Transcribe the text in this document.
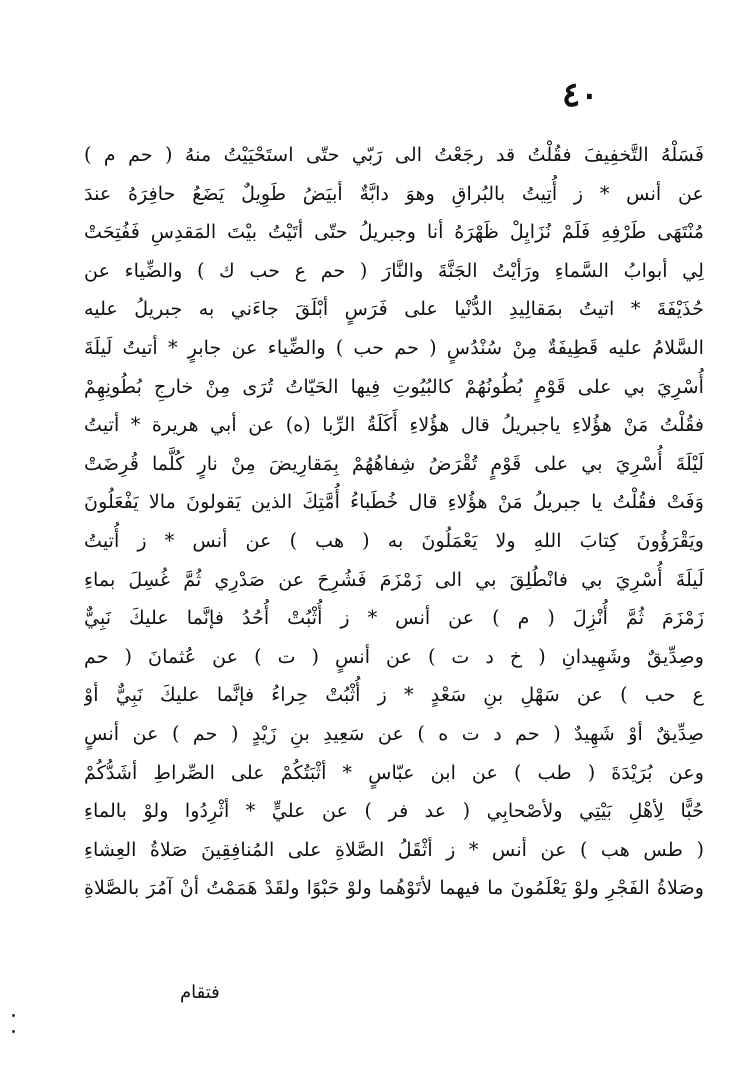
٤٠
فَسَلْهُ التَّخفِيفَ فقُلْتُ قد رجَعْتُ الى رَبّي حتّى استَحْيَيْتُ منهُ ( حم م )
عن أنس * ز أُتِيتُ بالبُراقِ وهوَ دابَّةٌ أبيَضُ طَوِيلٌ يَضَعُ حافِرَهُ عندَ
مُنْتَهَى طَرْفِهِ فَلَمْ نُزَايِلْ ظَهْرَهُ أنا وجبريلُ حتّى أتَيْتُ بيْتَ المَقدِسِ فَفُتِحَتْ
لِي أبوابُ السَّماءِ ورَأيْتُ الجَنَّةَ والنَّارَ ( حم ع حب ك ) والضِّياء عن
حُذَيْفَةَ * اتيتُ بمَقالِيدِ الدُّنْيا على فَرَسٍ أبْلَقَ جاءَني به جبريلُ عليه
السَّلامُ عليه قَطِيفَةٌ مِنْ سُنْدُسٍ ( حم حب ) والضِّياء عن جابرٍ * أتيتُ لَيلَةَ
أُسْرِيَ بي على قَوْمٍ بُطُونُهُمْ كالبُيُوتِ فِيها الحَيّاتُ تُرَى مِنْ خارجِ بُطُونِهِمْ
فقُلْتُ مَنْ هؤُلاءِ ياجبريلُ قال هؤُلاءِ أَكَلَةُ الرِّبا (ه) عن أبي هريرة * أتيتُ
لَيْلَةَ أُسْرِيَ بي على قَوْمٍ تُقْرَضُ شِفاهُهُمْ بِمَقارِيضَ مِنْ نارٍ كُلَّما قُرِضَتْ
وَفَتْ فقُلْتُ يا جبريلُ مَنْ هؤُلاءِ قال خُطَباءُ أُمَّتِكَ الذين يَقولونَ مالا يَفْعَلُونَ
ويَقْرَؤُونَ كِتابَ اللهِ ولا يَعْمَلُونَ به ( هب ) عن أنس * ز أُتيتُ
لَيلَةَ أُسْرِيَ بي فانْطُلِقَ بي الى زَمْزَمَ فَشُرِحَ عن صَدْرِي ثُمَّ غُسِلَ بماءِ
زَمْزَمَ ثُمَّ أُنْزِلَ ( م ) عن أنس * ز أُثْبُتْ أُحُدُ فإنَّما عليكَ نَبِيٌّ
وصِدِّيقٌ وشَهِيدانِ ( خ د ت ) عن أنسٍ ( ت ) عن عُثمانَ ( حم
ع حب ) عن سَهْلِ بنِ سَعْدٍ * ز أُثْبُتْ حِراءُ فإنَّما عليكَ نَبِيٌّ أوْ
صِدِّيقٌ أوْ شَهِيدٌ ( حم د ت ه ) عن سَعِيدِ بنِ زَيْدٍ ( حم ) عن أنسٍ
وعن بُرَيْدَةَ ( طب ) عن ابن عبّاسٍ * أثْبَتُكُمْ على الصِّراطِ أشَدُّكُمْ
حُبًّا لِأهْلِ بَيْتِي ولأصْحابِي ( عد فر ) عن عليٍّ * أثْرِدُوا ولوْ بالماءِ
( طس هب ) عن أنس * ز أثْقَلُ الصَّلاةِ على المُنافِقِينَ صَلاةُ العِشاءِ
وصَلاةُ الفَجْرِ ولوْ يَعْلَمُونَ ما فيهما لأتَوْهُما ولوْ حَبْوًا ولقَدْ هَمَمْتُ أنْ آمُرَ بالصَّلاةِ
فتقام
